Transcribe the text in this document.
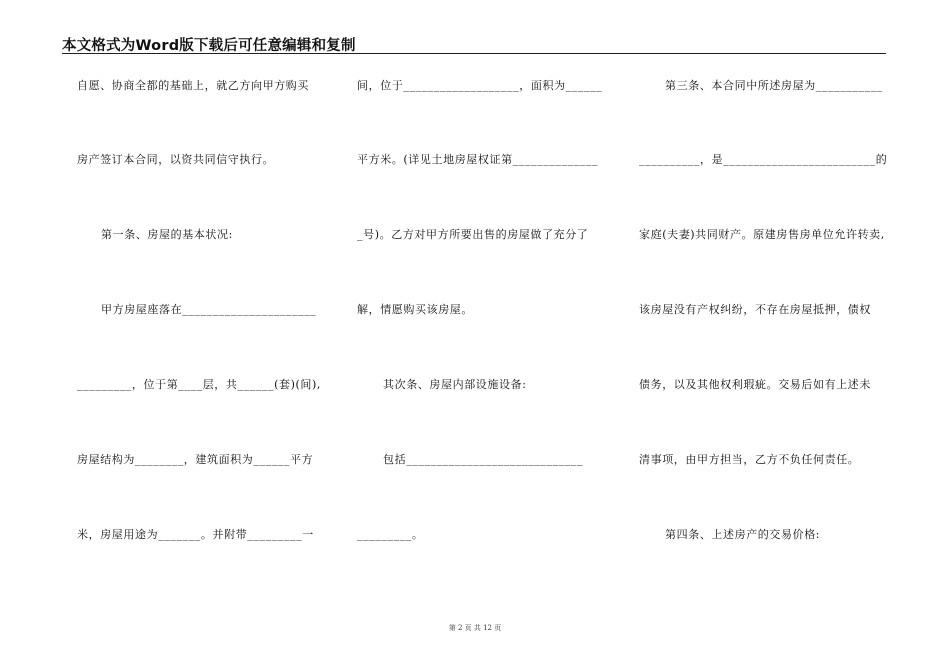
本文格式为Word版下载后可任意编辑和复制
自愿、协商全都的基础上，就乙方向甲方购买
房产签订本合同，以资共同信守执行。
第一条、房屋的基本状况:
甲方房屋座落在______________________
_________，位于第____层，共______(套)(间),
房屋结构为________，建筑面积为______平方
米，房屋用途为_______。并附带_________一
间，位于___________________，面积为______
平方米。(详见土地房屋权证第______________
_号)。乙方对甲方所要出售的房屋做了充分了
解，情愿购买该房屋。
其次条、房屋内部设施设备:
包括_____________________________
_________。
第三条、本合同中所述房屋为___________
__________，是_________________________的
家庭(夫妻)共同财产。原建房售房单位允许转卖,
该房屋没有产权纠纷，不存在房屋抵押，债权
债务，以及其他权利瑕疵。交易后如有上述未
清事项，由甲方担当，乙方不负任何责任。
第四条、上述房产的交易价格:
第 2 页 共 12 页
